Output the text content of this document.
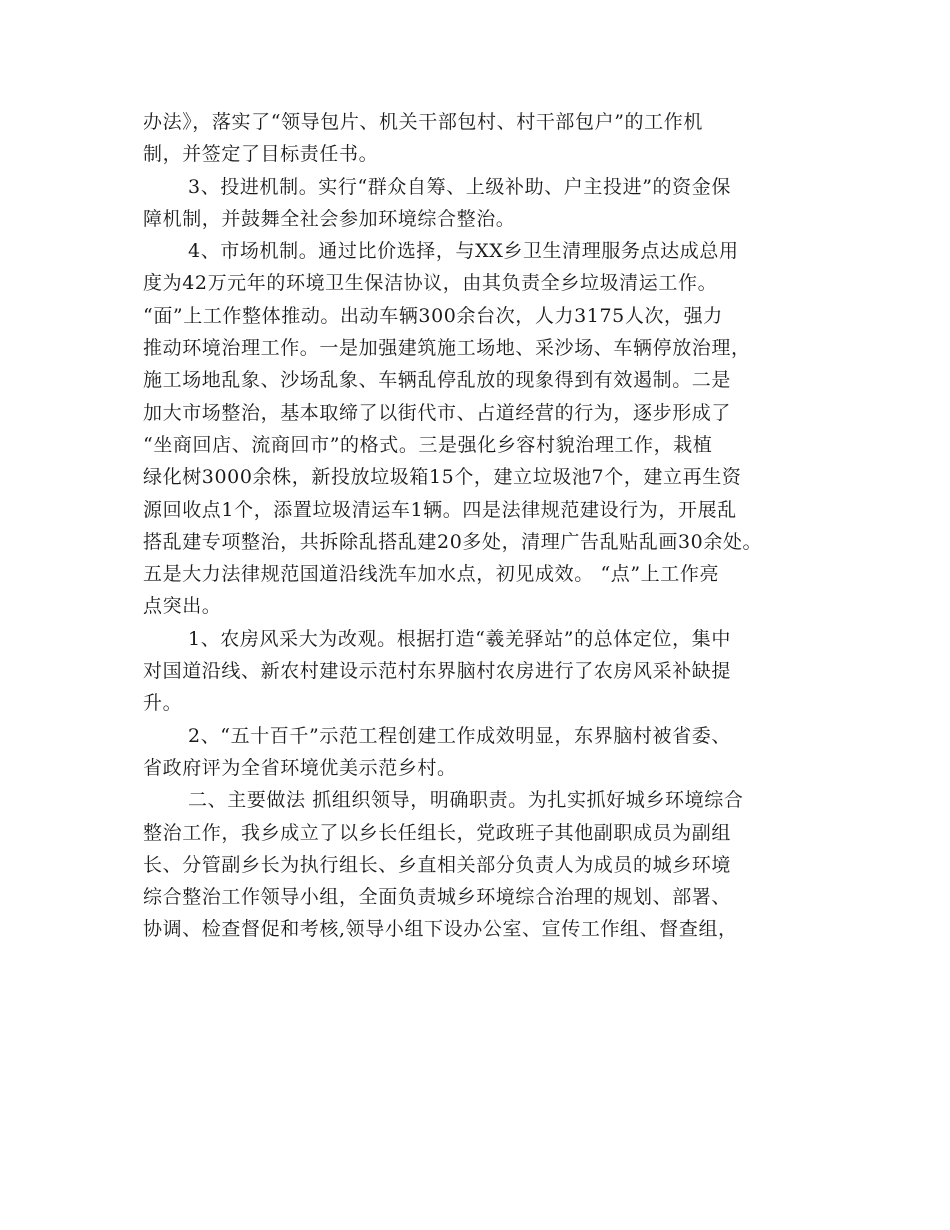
办法》，落实了“领导包片、机关干部包村、村干部包户”的工作机
制，并签定了目标责任书。
3、投进机制。实行“群众自筹、上级补助、户主投进”的资金保
障机制，并鼓舞全社会参加环境综合整治。
4、市场机制。通过比价选择，与XX乡卫生清理服务点达成总用
度为42万元年的环境卫生保洁协议，由其负责全乡垃圾清运工作。
“面”上工作整体推动。出动车辆300余台次，人力3175人次，强力
推动环境治理工作。一是加强建筑施工场地、采沙场、车辆停放治理，
施工场地乱象、沙场乱象、车辆乱停乱放的现象得到有效遏制。二是
加大市场整治，基本取缔了以街代市、占道经营的行为，逐步形成了
“坐商回店、流商回市”的格式。三是强化乡容村貌治理工作，栽植
绿化树3000余株，新投放垃圾箱15个，建立垃圾池7个，建立再生资
源回收点1个，添置垃圾清运车1辆。四是法律规范建设行为，开展乱
搭乱建专项整治，共拆除乱搭乱建20多处，清理广告乱贴乱画30余处。
五是大力法律规范国道沿线洗车加水点，初见成效。 “点”上工作亮
点突出。
1、农房风采大为改观。根据打造“羲羌驿站”的总体定位，集中
对国道沿线、新农村建设示范村东界脑村农房进行了农房风采补缺提
升。
2、“五十百千”示范工程创建工作成效明显，东界脑村被省委、
省政府评为全省环境优美示范乡村。
二、主要做法 抓组织领导，明确职责。为扎实抓好城乡环境综合
整治工作，我乡成立了以乡长任组长，党政班子其他副职成员为副组
长、分管副乡长为执行组长、乡直相关部分负责人为成员的城乡环境
综合整治工作领导小组，全面负责城乡环境综合治理的规划、部署、
协调、检查督促和考核,领导小组下设办公室、宣传工作组、督查组，
